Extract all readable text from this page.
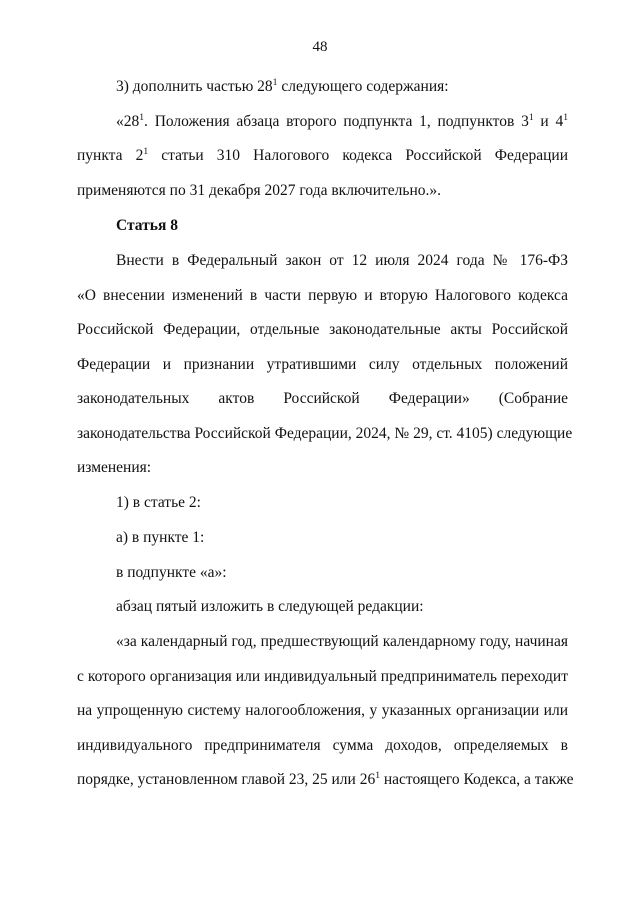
48
3) дополнить частью $28^1$ следующего содержания:
«$28^1$. Положения абзаца второго подпункта 1, подпунктов $3^1$ и $4^1$
пункта $2^1$ статьи 310 Налогового кодекса Российской Федерации
применяются по 31 декабря 2027 года включительно.».
Статья 8
Внести в Федеральный закон от 12 июля 2024 года № 176-ФЗ
«О внесении изменений в части первую и вторую Налогового кодекса
Российской Федерации, отдельные законодательные акты Российской
Федерации и признании утратившими силу отдельных положений
законодательных актов Российской Федерации» (Собрание
законодательства Российской Федерации, 2024, № 29, ст. 4105) следующие
изменения:
1) в статье 2:
а) в пункте 1:
в подпункте «а»:
абзац пятый изложить в следующей редакции:
«за календарный год, предшествующий календарному году, начиная
с которого организация или индивидуальный предприниматель переходит
на упрощенную систему налогообложения, у указанных организации или
индивидуального предпринимателя сумма доходов, определяемых в
порядке, установленном главой 23, 25 или $26^1$ настоящего Кодекса, а также
